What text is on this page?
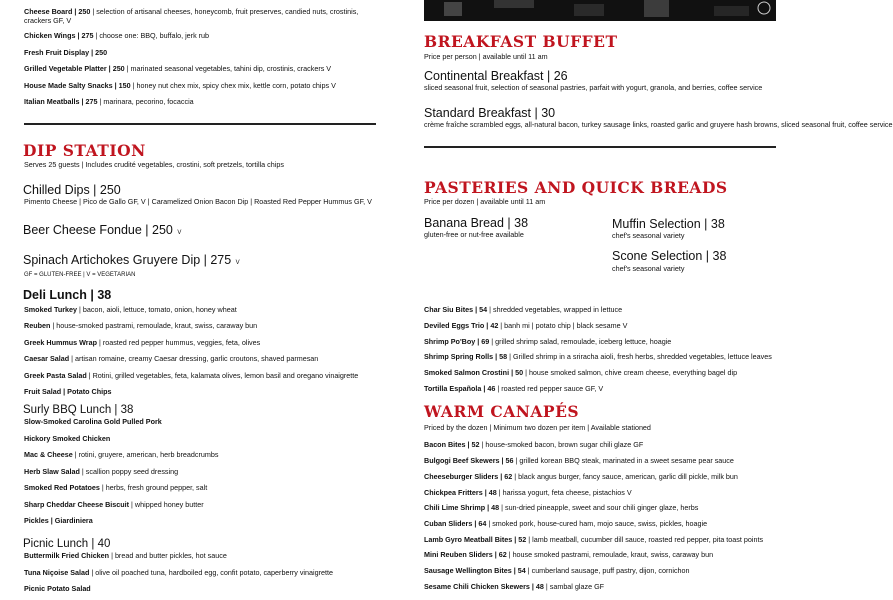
Cheese Board | 250 | selection of artisanal cheeses, honeycomb, fruit preserves, candied nuts, crostinis, crackers GF, V
Chicken Wings | 275 | choose one: BBQ, buffalo, jerk rub
Fresh Fruit Display | 250
Grilled Vegetable Platter | 250 | marinated seasonal vegetables, tahini dip, crostinis, crackers V
House Made Salty Snacks | 150 | honey nut chex mix, spicy chex mix, kettle corn, potato chips V
Italian Meatballs | 275 | marinara, pecorino, focaccia
DIP STATION
Serves 25 guests | Includes crudité vegetables, crostini, soft pretzels, tortilla chips
Chilled Dips | 250
Pimento Cheese | Pico de Gallo GF, V | Caramelized Onion Bacon Dip | Roasted Red Pepper Hummus GF, V
Beer Cheese Fondue | 250 V
Spinach Artichokes Gruyere Dip | 275 V
GF = GLUTEN-FREE | V = VEGETARIAN
Deli Lunch | 38
Smoked Turkey | bacon, aioli, lettuce, tomato, onion, honey wheat
Reuben | house-smoked pastrami, remoulade, kraut, swiss, caraway bun
Greek Hummus Wrap | roasted red pepper hummus, veggies, feta, olives
Caesar Salad | artisan romaine, creamy Caesar dressing, garlic croutons, shaved parmesan
Greek Pasta Salad | Rotini, grilled vegetables, feta, kalamata olives, lemon basil and oregano vinaigrette
Fruit Salad | Potato Chips
Surly BBQ Lunch | 38
Slow-Smoked Carolina Gold Pulled Pork
Hickory Smoked Chicken
Mac & Cheese | rotini, gruyere, american, herb breadcrumbs
Herb Slaw Salad | scallion poppy seed dressing
Smoked Red Potatoes | herbs, fresh ground pepper, salt
Sharp Cheddar Cheese Biscuit | whipped honey butter
Pickles | Giardiniera
Picnic Lunch | 40
Buttermilk Fried Chicken | bread and butter pickles, hot sauce
Tuna Niçoise Salad | olive oil poached tuna, hardboiled egg, confit potato, caperberry vinaigrette
Picnic Potato Salad
BREAKFAST BUFFET
Price per person | available until 11 am
Continental Breakfast | 26
sliced seasonal fruit, selection of seasonal pastries, parfait with yogurt, granola, and berries, coffee service
Standard Breakfast | 30
crème fraîche scrambled eggs, all-natural bacon, turkey sausage links, roasted garlic and gruyere hash browns, sliced seasonal fruit, coffee service
PASTERIES AND QUICK BREADS
Price per dozen | available until 11 am
Banana Bread | 38
gluten-free or nut-free available
Muffin Selection | 38
chef's seasonal variety
Scone Selection | 38
chef's seasonal variety
Char Siu Bites | 54 | shredded vegetables, wrapped in lettuce
Deviled Eggs Trio | 42 | banh mi | potato chip | black sesame V
Shrimp Po'Boy | 69 | grilled shrimp salad, remoulade, iceberg lettuce, hoagie
Shrimp Spring Rolls | 58 | Grilled shrimp in a sriracha aioli, fresh herbs, shredded vegetables, lettuce leaves
Smoked Salmon Crostini | 50 | house smoked salmon, chive cream cheese, everything bagel dip
Tortilla Española | 46 | roasted red pepper sauce GF, V
WARM CANAPÉS
Priced by the dozen | Minimum two dozen per item | Available stationed
Bacon Bites | 52 | house-smoked bacon, brown sugar chili glaze GF
Bulgogi Beef Skewers | 56 | grilled korean BBQ steak, marinated in a sweet sesame pear sauce
Cheeseburger Sliders | 62 | black angus burger, fancy sauce, american, garlic dill pickle, milk bun
Chickpea Fritters | 48 | harissa yogurt, feta cheese, pistachios V
Chili Lime Shrimp | 48 | sun-dried pineapple, sweet and sour chili ginger glaze, herbs
Cuban Sliders | 64 | smoked pork, house-cured ham, mojo sauce, swiss, pickles, hoagie
Lamb Gyro Meatball Bites | 52 | lamb meatball, cucumber dill sauce, roasted red pepper, pita toast points
Mini Reuben Sliders | 62 | house smoked pastrami, remoulade, kraut, swiss, caraway bun
Sausage Wellington Bites | 54 | cumberland sausage, puff pastry, dijon, cornichon
Sesame Chili Chicken Skewers | 48 | sambal glaze GF
